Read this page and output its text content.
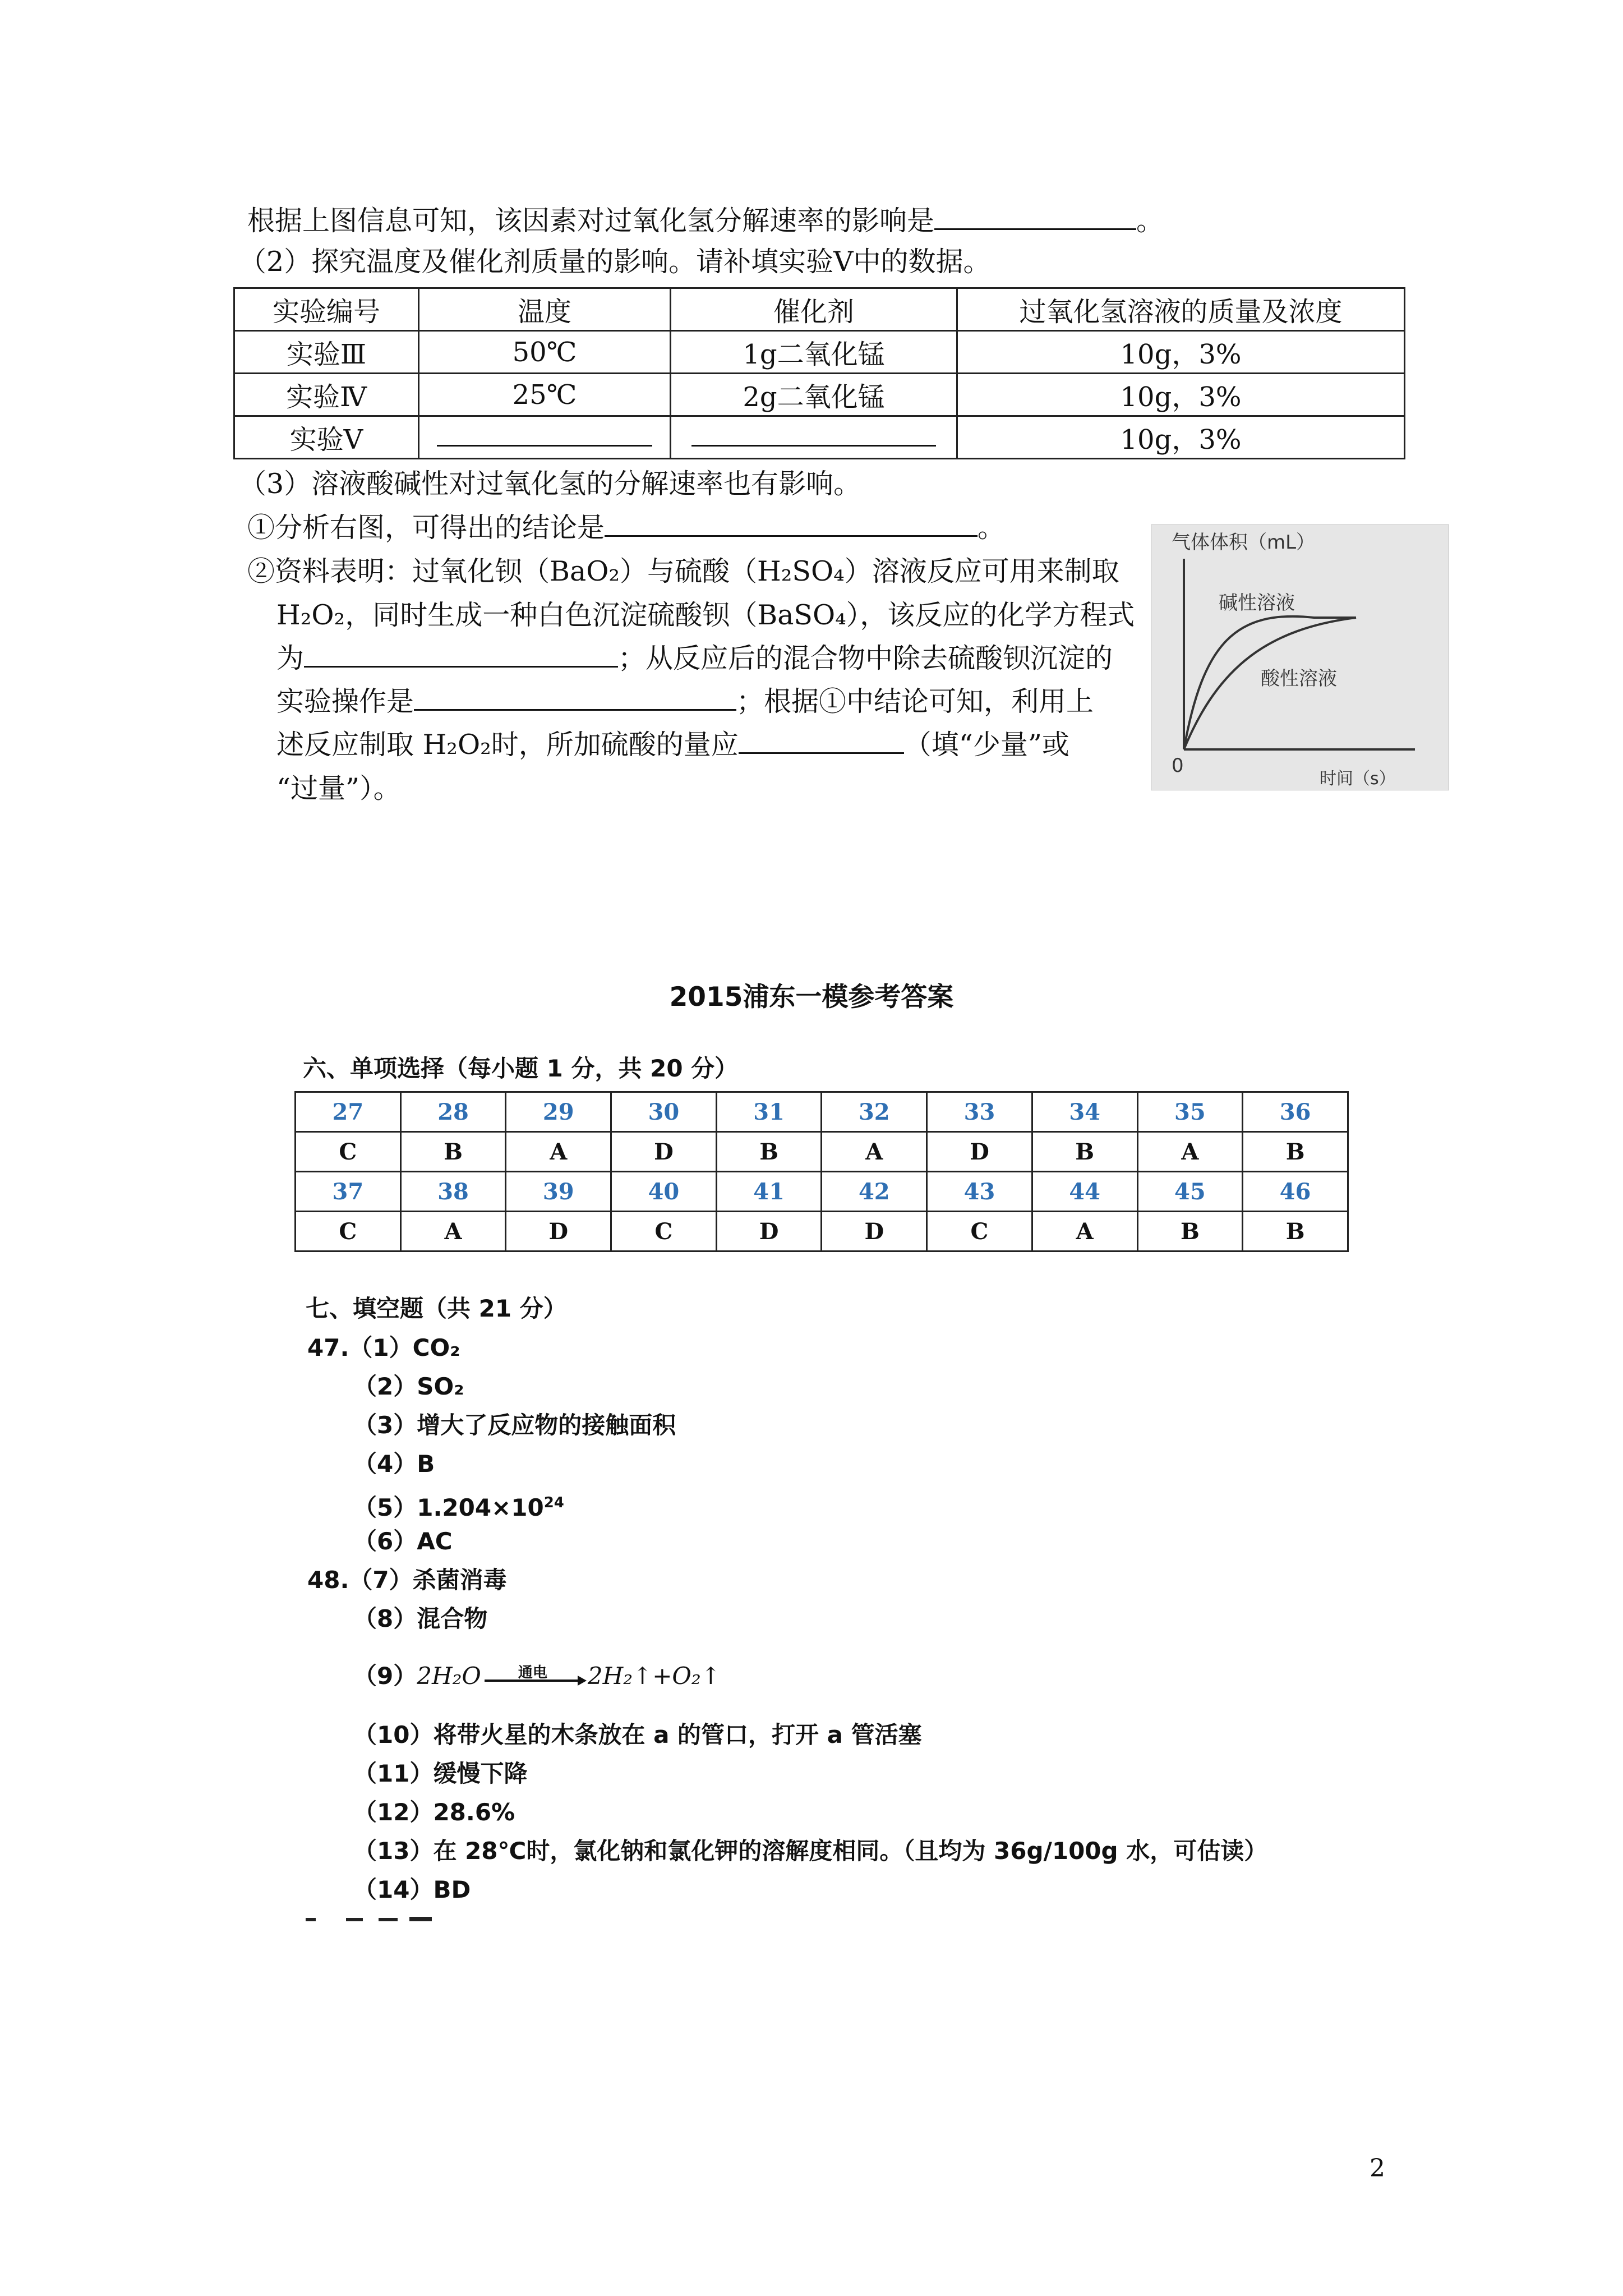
根据上图信息可知，该因素对过氧化氢分解速率的影响是	。
（2）探究温度及催化剂质量的影响。请补填实验Ⅴ中的数据。
实验编号	温度	催化剂	过氧化氢溶液的质量及浓度
实验Ⅲ	50℃	1g二氧化锰	10g，3%
实验Ⅳ	25℃	2g二氧化锰	10g，3%
实验Ⅴ			10g，3%
（3）溶液酸碱性对过氧化氢的分解速率也有影响。
①分析右图，可得出的结论是	。
②资料表明：过氧化钡（BaO₂）与硫酸（H₂SO₄）溶液反应可用来制取
H₂O₂，同时生成一种白色沉淀硫酸钡（BaSO₄），该反应的化学方程式
为	；从反应后的混合物中除去硫酸钡沉淀的
实验操作是	；根据①中结论可知，利用上
述反应制取 H₂O₂时，所加硫酸的量应	（填“少量”或
“过量”）。
气体体积（mL）
0
时间（s）
碱性溶液
酸性溶液
2015浦东一模参考答案
六、单项选择（每小题 1 分，共 20 分）
27	28	29	30	31	32	33	34	35	36
C	B	A	D	B	A	D	B	A	B
37	38	39	40	41	42	43	44	45	46
C	A	D	C	D	D	C	A	B	B
七、填空题（共 21 分）
47.（1）CO₂
（2）SO₂
（3）增大了反应物的接触面积
（4）B
$(5)1.204\times 10^{24}$
（6）AC
48.（7）杀菌消毒
（8）混合物
（9）2H₂O	通电 2H₂↑+O₂↑
（10）将带火星的木条放在 a 的管口，打开 a 管活塞
（11）缓慢下降
（12）28.6%
（13）在 28℃时，氯化钠和氯化钾的溶解度相同。（且均为 36g/100g 水，可估读）
（14）BD
2
